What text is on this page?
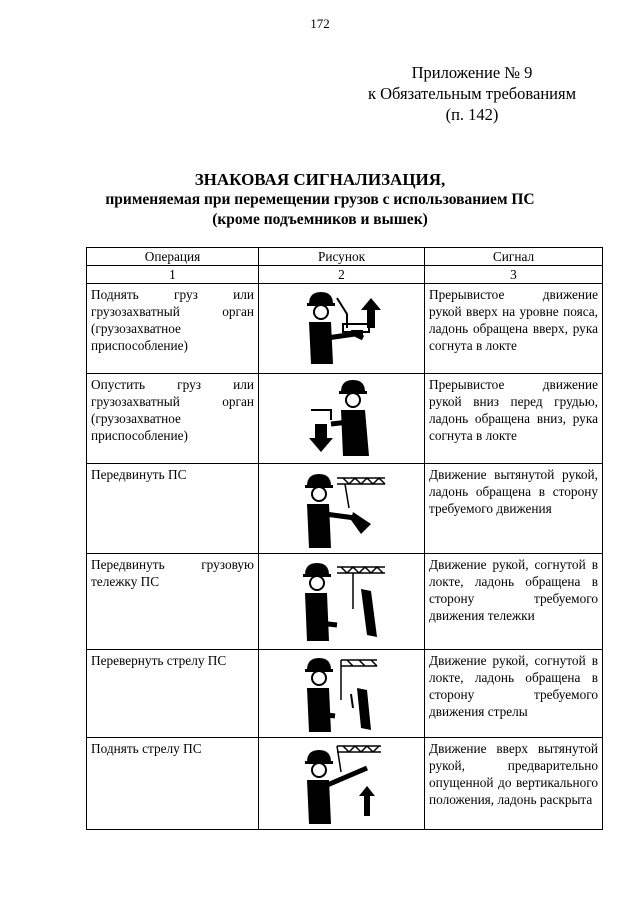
172
Приложение № 9
к Обязательным требованиям
(п. 142)
ЗНАКОВАЯ СИГНАЛИЗАЦИЯ,
применяемая при перемещении грузов с использованием ПС
(кроме подъемников и вышек)
Операция	Рисунок	Сигнал
1	2	3
Поднять груз или грузозахватный орган (грузозахватное приспособление)		Прерывистое движение рукой вверх на уровне пояса, ладонь обращена вверх, рука согнута в локте
Опустить груз или грузозахватный орган (грузозахватное приспособление)		Прерывистое движение рукой вниз перед грудью, ладонь обращена вниз, рука согнута в локте
Передвинуть ПС		Движение вытянутой рукой, ладонь обращена в сторону требуемого движения
Передвинуть грузовую тележку ПС		Движение рукой, согнутой в локте, ладонь обращена в сторону требуемого движения тележки
Перевернуть стрелу ПС		Движение рукой, согнутой в локте, ладонь обращена в сторону требуемого движения стрелы
Поднять стрелу ПС		Движение вверх вытянутой рукой, предварительно опущенной до вертикального положения, ладонь раскрыта
